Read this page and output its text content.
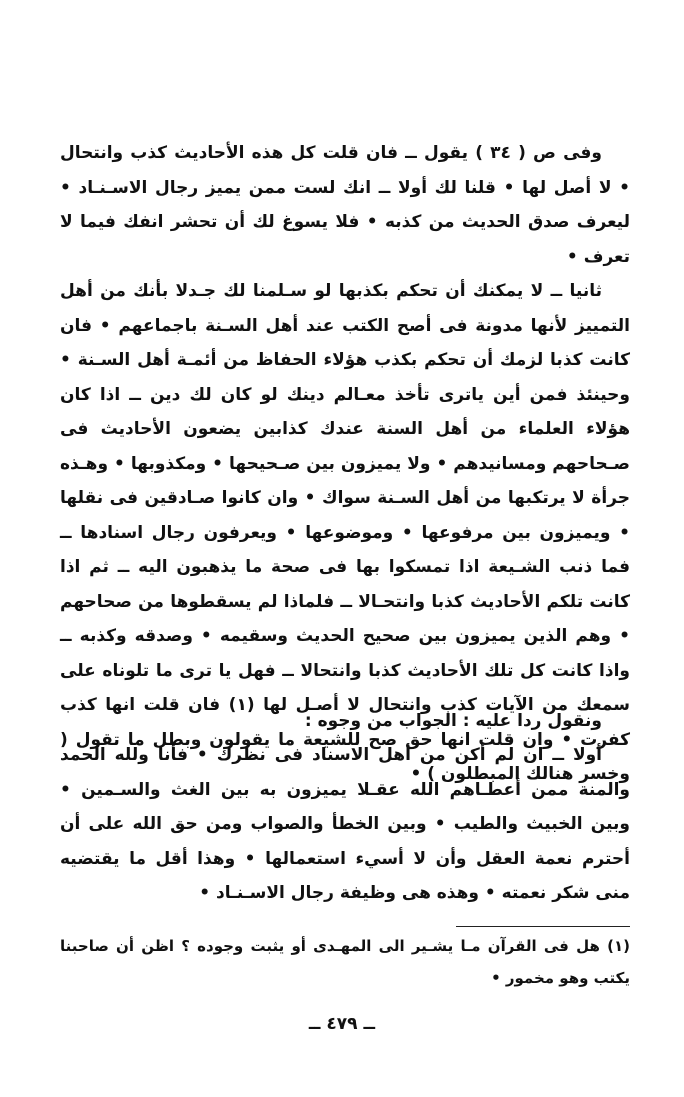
وفى ص ( ٣٤ ) يقول ــ فان قلت كل هذه الأحاديث كذب وانتحال • لا أصل لها • قلنا لك أولا ــ انك لست ممن يميز رجال الاسـنـاد • ليعرف صدق الحديث من كذبه • فلا يسوغ لك أن تحشر انفك فيما لا تعرف •

ثانيا ــ لا يمكنك أن تحكم بكذبها لو سـلمنا لك جـدلا بأنك من أهل التمييز لأنها مدونة فى أصح الكتب عند أهل السـنة باجماعهم • فان كانت كذبا لزمك أن تحكم بكذب هؤلاء الحفاظ من أئمـة أهل السـنة • وحينئذ فمن أين ياترى تأخذ معـالم دينك لو كان لك دين ــ اذا كان هؤلاء العلماء من أهل السنة عندك كذابين يضعون الأحاديث فى صـحاحهم ومسانيدهم • ولا يميزون بين صـحيحها • ومكذوبها • وهـذه جرأة لا يرتكبها من أهل السـنة سواك • وان كانوا صـادقين فى نقلها • ويميزون بين مرفوعها • وموضوعها • ويعرفون رجال اسنادها ــ فما ذنب الشـيعة اذا تمسكوا بها فى صحة ما يذهبون اليه ــ ثم اذا كانت تلكم الأحاديث كذبا وانتحـالا ــ فلماذا لم يسقطوها من صحاحهم • وهم الذين يميزون بين صحيح الحديث وسقيمه • وصدقه وكذبه ــ واذا كانت كل تلك الأحاديث كذبا وانتحالا ــ فهل يا ترى ما تلوناه على سمعك من الآيات كذب وانتحال لا أصـل لها (١) فان قلت انها كذب كفرت • وان قلت انها حق صح للشيعة ما يقولون وبطل ما تقول ( وخسر هنالك المبطلون ) •

ونقول ردا عليه : الجواب من وجوه :

أولا ــ ان لم أكن من أهل الاسناد فى نظرك • فأنا ولله الحمد والمنة ممن أعطـاهم الله عقـلا يميزون به بين الغث والسـمين • وبين الخبيث والطيب • وبين الخطأ والصواب ومن حق الله على أن أحترم نعمة العقل وأن لا أسيء استعمالها • وهذا أقل ما يقتضيه منى شكر نعمته • وهذه هى وظيفة رجال الاسـنـاد •

(١) هل فى القرآن مـا يشـير الى المهـدى أو يثبت وجوده ؟ اظن أن صاحبنا يكتب وهو مخمور •
ــ ٤٧٩ ــ
